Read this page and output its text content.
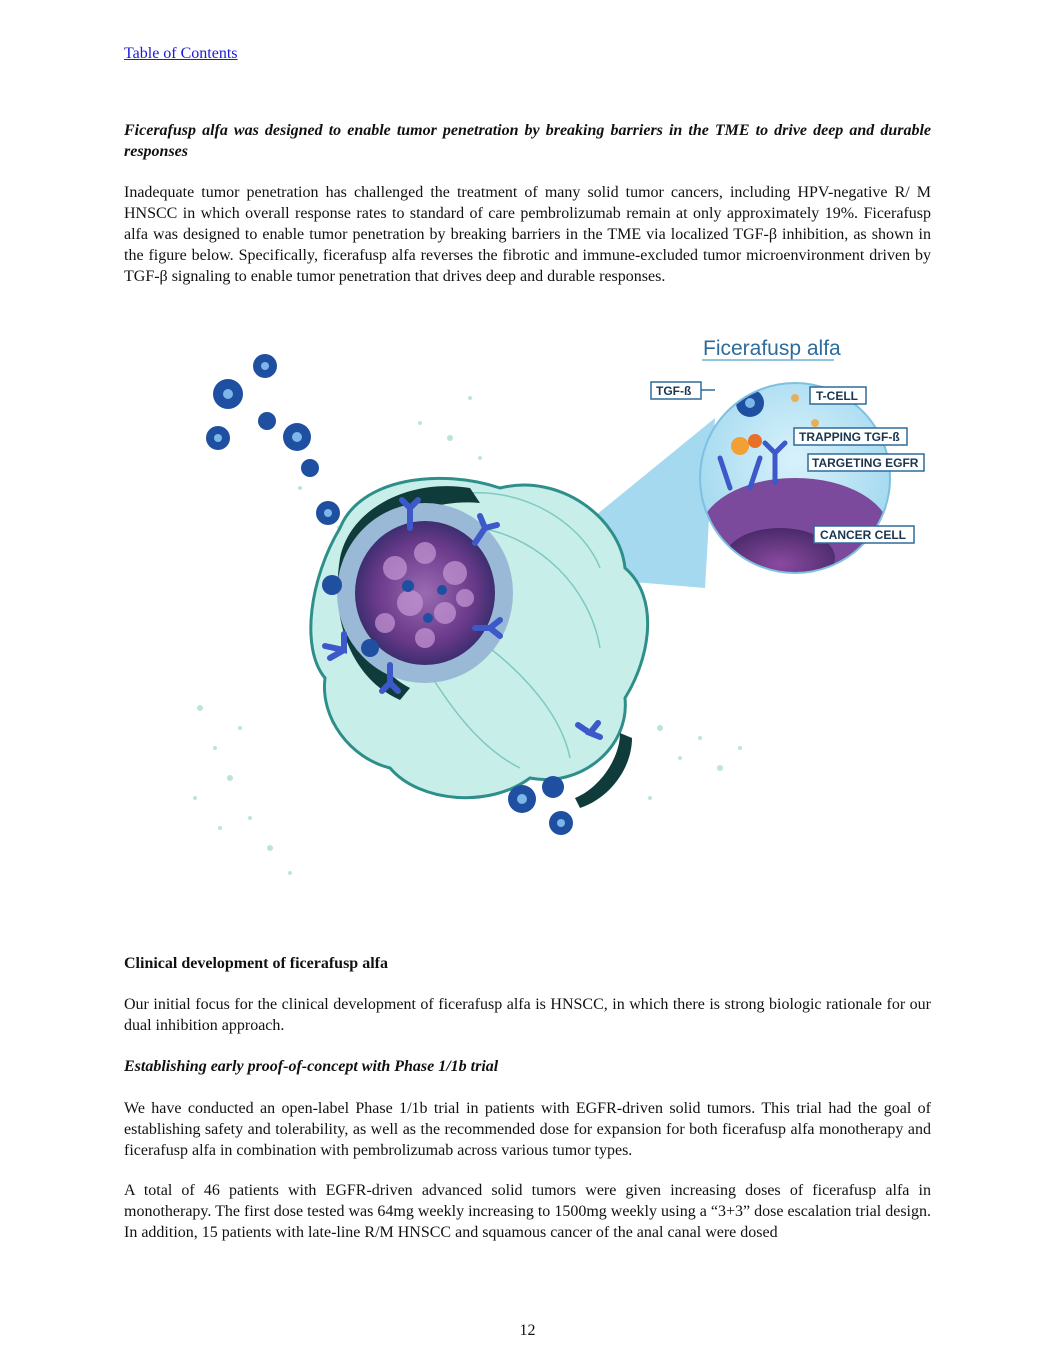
Table of Contents

Ficerafusp alfa was designed to enable tumor penetration by breaking barriers in the TME to drive deep and durable responses

Inadequate tumor penetration has challenged the treatment of many solid tumor cancers, including HPV-negative R/ M HNSCC in which overall response rates to standard of care pembrolizumab remain at only approximately 19%. Ficerafusp alfa was designed to enable tumor penetration by breaking barriers in the TME via localized TGF-β inhibition, as shown in the figure below. Specifically, ficerafusp alfa reverses the fibrotic and immune-excluded tumor microenvironment driven by TGF-β signaling to enable tumor penetration that drives deep and durable responses.

Ficerafusp alfa
TGF-ß	T-CELL
TRAPPING TGF-ß
TARGETING EGFR
CANCER CELL

Clinical development of ficerafusp alfa

Our initial focus for the clinical development of ficerafusp alfa is HNSCC, in which there is strong biologic rationale for our dual inhibition approach.

Establishing early proof-of-concept with Phase 1/1b trial

We have conducted an open-label Phase 1/1b trial in patients with EGFR-driven solid tumors. This trial had the goal of establishing safety and tolerability, as well as the recommended dose for expansion for both ficerafusp alfa monotherapy and ficerafusp alfa in combination with pembrolizumab across various tumor types.

A total of 46 patients with EGFR-driven advanced solid tumors were given increasing doses of ficerafusp alfa in monotherapy. The first dose tested was 64mg weekly increasing to 1500mg weekly using a “3+3” dose escalation trial design. In addition, 15 patients with late-line R/M HNSCC and squamous cancer of the anal canal were dosed

12
